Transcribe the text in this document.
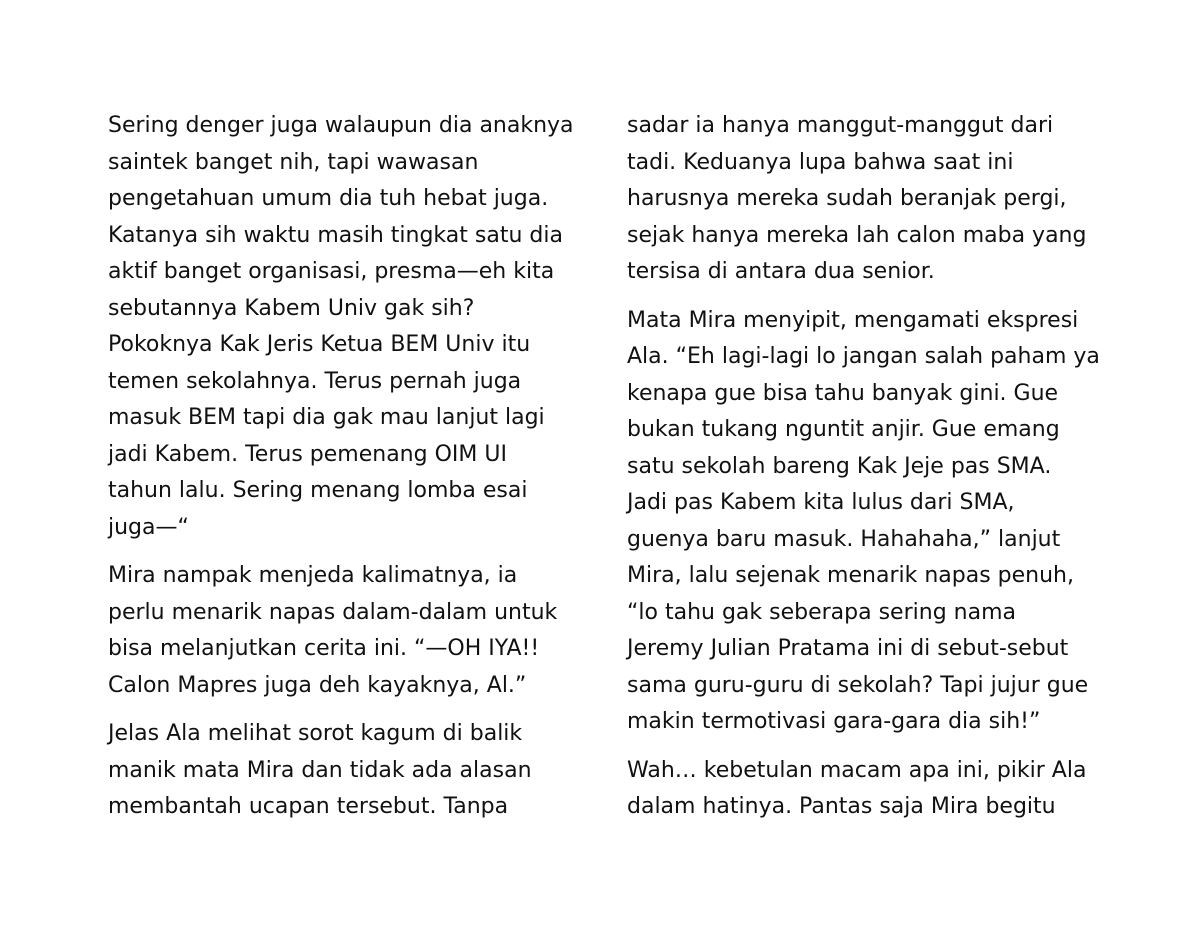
Sering denger juga walaupun dia anaknya
saintek banget nih, tapi wawasan
pengetahuan umum dia tuh hebat juga.
Katanya sih waktu masih tingkat satu dia
aktif banget organisasi, presma—eh kita
sebutannya Kabem Univ gak sih?
Pokoknya Kak Jeris Ketua BEM Univ itu
temen sekolahnya. Terus pernah juga
masuk BEM tapi dia gak mau lanjut lagi
jadi Kabem. Terus pemenang OIM UI
tahun lalu. Sering menang lomba esai
juga—“
Mira nampak menjeda kalimatnya, ia
perlu menarik napas dalam-dalam untuk
bisa melanjutkan cerita ini. “—OH IYA!!
Calon Mapres juga deh kayaknya, Al.”
Jelas Ala melihat sorot kagum di balik
manik mata Mira dan tidak ada alasan
membantah ucapan tersebut. Tanpa
sadar ia hanya manggut-manggut dari
tadi. Keduanya lupa bahwa saat ini
harusnya mereka sudah beranjak pergi,
sejak hanya mereka lah calon maba yang
tersisa di antara dua senior.
Mata Mira menyipit, mengamati ekspresi
Ala. “Eh lagi-lagi lo jangan salah paham ya
kenapa gue bisa tahu banyak gini. Gue
bukan tukang nguntit anjir. Gue emang
satu sekolah bareng Kak Jeje pas SMA.
Jadi pas Kabem kita lulus dari SMA,
guenya baru masuk. Hahahaha,” lanjut
Mira, lalu sejenak menarik napas penuh,
“lo tahu gak seberapa sering nama
Jeremy Julian Pratama ini di sebut-sebut
sama guru-guru di sekolah? Tapi jujur gue
makin termotivasi gara-gara dia sih!”
Wah… kebetulan macam apa ini, pikir Ala
dalam hatinya. Pantas saja Mira begitu
